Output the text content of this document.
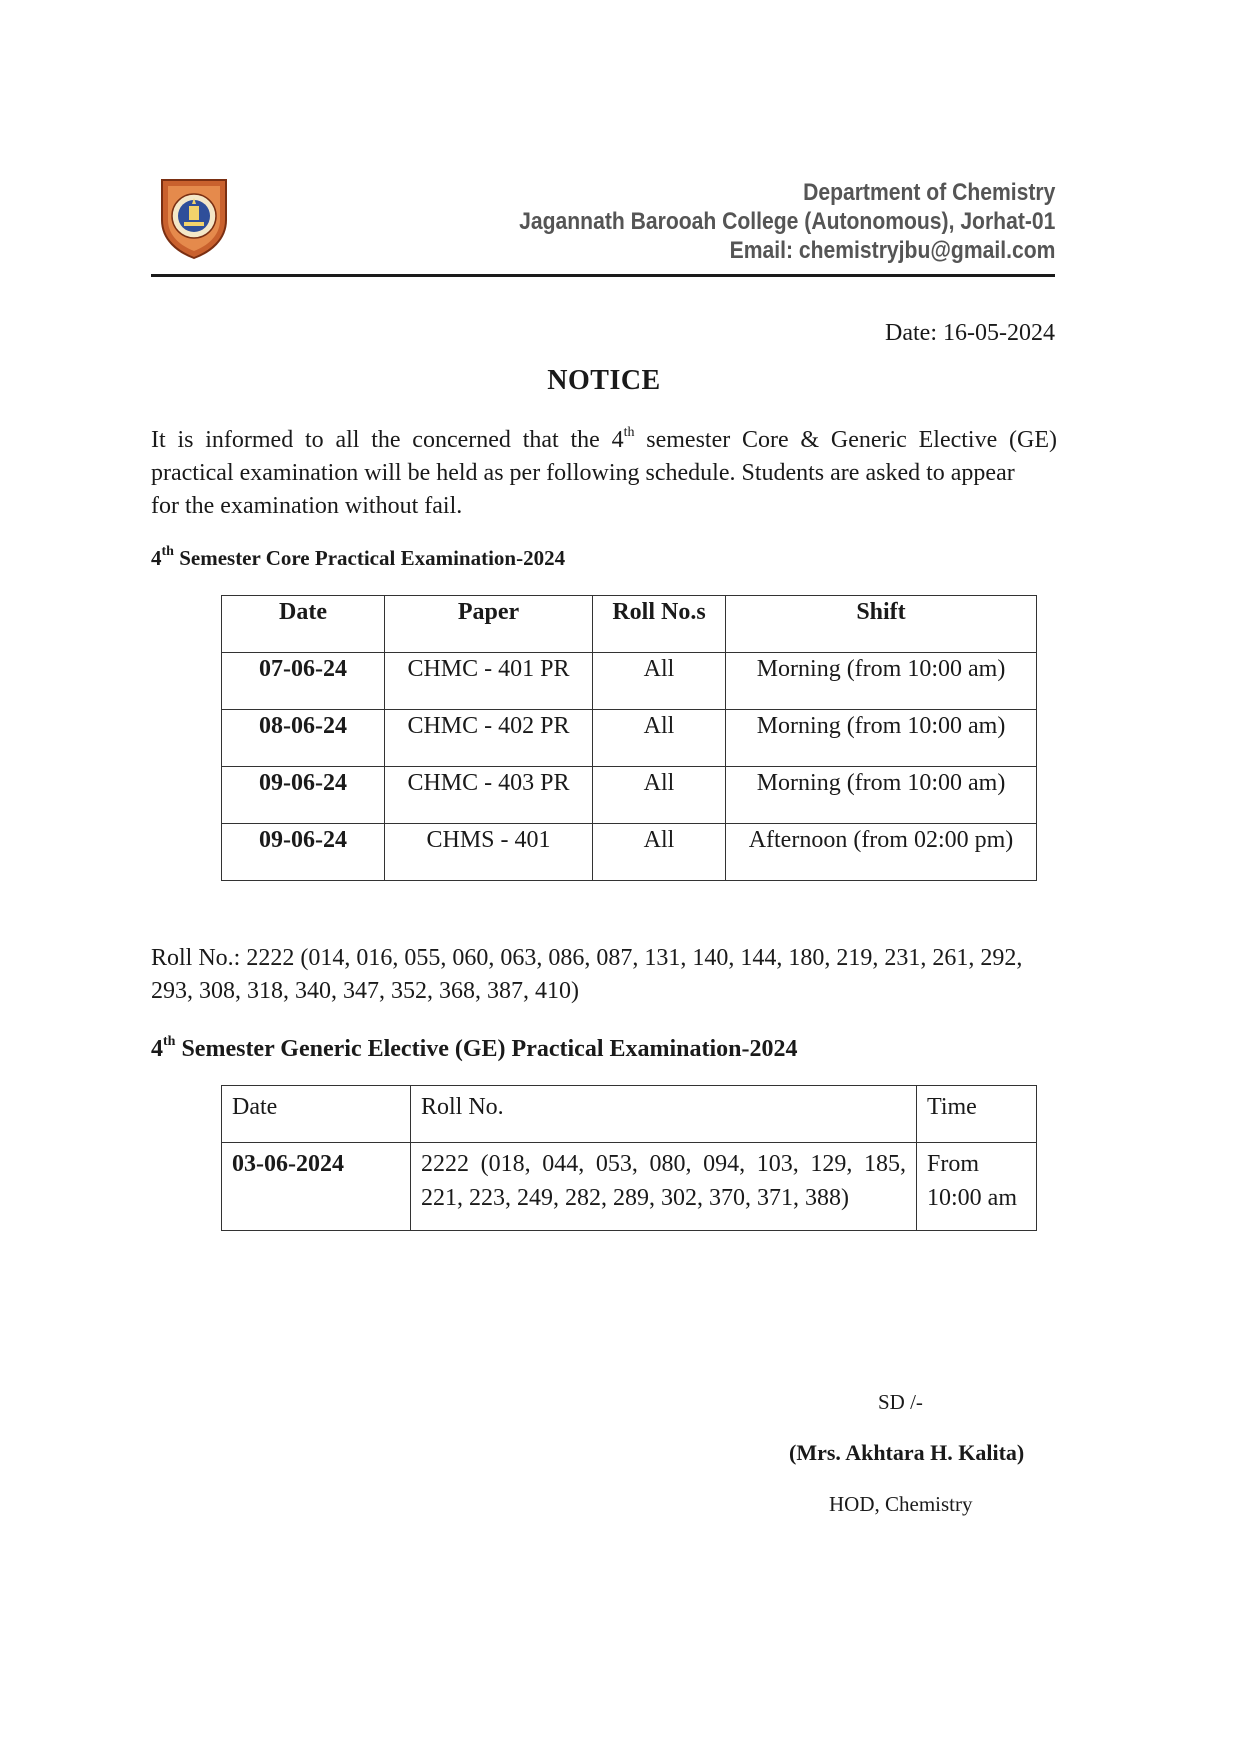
Department of Chemistry
Jagannath Barooah College (Autonomous), Jorhat-01
Email: chemistryjbu@gmail.com
Date: 16-05-2024
NOTICE
It is informed to all the concerned that the 4th semester Core & Generic Elective (GE) practical examination will be held as per following schedule. Students are asked to appear
for the examination without fail.
4th Semester Core Practical Examination-2024
Date	Paper	Roll No.s	Shift
07-06-24	CHMC - 401 PR	All	Morning (from 10:00 am)
08-06-24	CHMC - 402 PR	All	Morning (from 10:00 am)
09-06-24	CHMC - 403 PR	All	Morning (from 10:00 am)
09-06-24	CHMS - 401	All	Afternoon (from 02:00 pm)
Roll No.: 2222 (014, 016, 055, 060, 063, 086, 087, 131, 140, 144, 180, 219, 231, 261, 292, 293, 308, 318, 340, 347, 352, 368, 387, 410)
4th Semester Generic Elective (GE) Practical Examination-2024
Date	Roll No.	Time
03-06-2024	2222 (018, 044, 053, 080, 094, 103, 129, 185, 221, 223, 249, 282, 289, 302, 370, 371, 388)	From 10:00 am
SD /-
(Mrs. Akhtara H. Kalita)
HOD, Chemistry
